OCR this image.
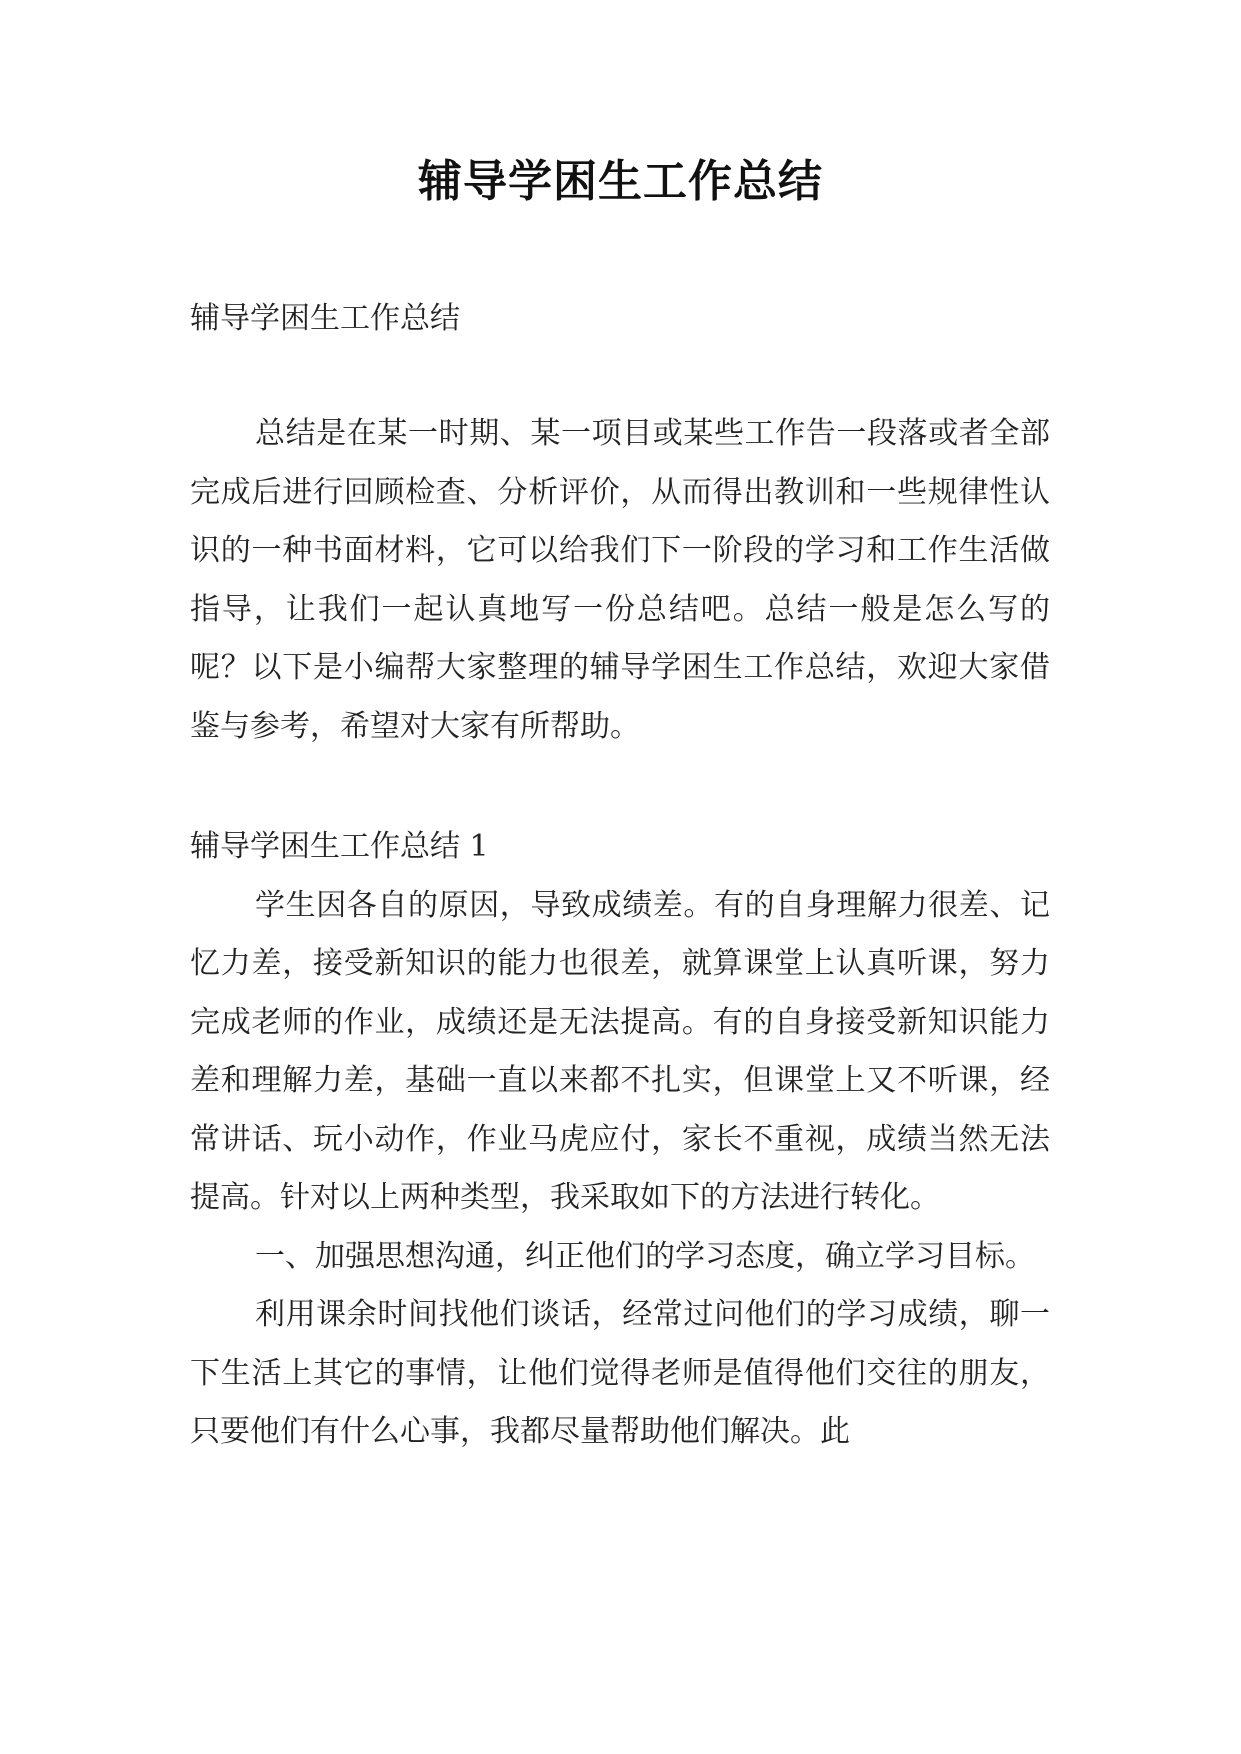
辅导学困生工作总结

辅导学困生工作总结

总结是在某一时期、某一项目或某些工作告一段落或者全部完成后进行回顾检查、分析评价，从而得出教训和一些规律性认识的一种书面材料，它可以给我们下一阶段的学习和工作生活做指导，让我们一起认真地写一份总结吧。总结一般是怎么写的呢？以下是小编帮大家整理的辅导学困生工作总结，欢迎大家借鉴与参考，希望对大家有所帮助。

辅导学困生工作总结 1

学生因各自的原因，导致成绩差。有的自身理解力很差、记忆力差，接受新知识的能力也很差，就算课堂上认真听课，努力完成老师的作业，成绩还是无法提高。有的自身接受新知识能力差和理解力差，基础一直以来都不扎实，但课堂上又不听课，经常讲话、玩小动作，作业马虎应付，家长不重视，成绩当然无法提高。针对以上两种类型，我采取如下的方法进行转化。

一、加强思想沟通，纠正他们的学习态度，确立学习目标。

利用课余时间找他们谈话，经常过问他们的学习成绩，聊一下生活上其它的事情，让他们觉得老师是值得他们交往的朋友，只要他们有什么心事，我都尽量帮助他们解决。此
